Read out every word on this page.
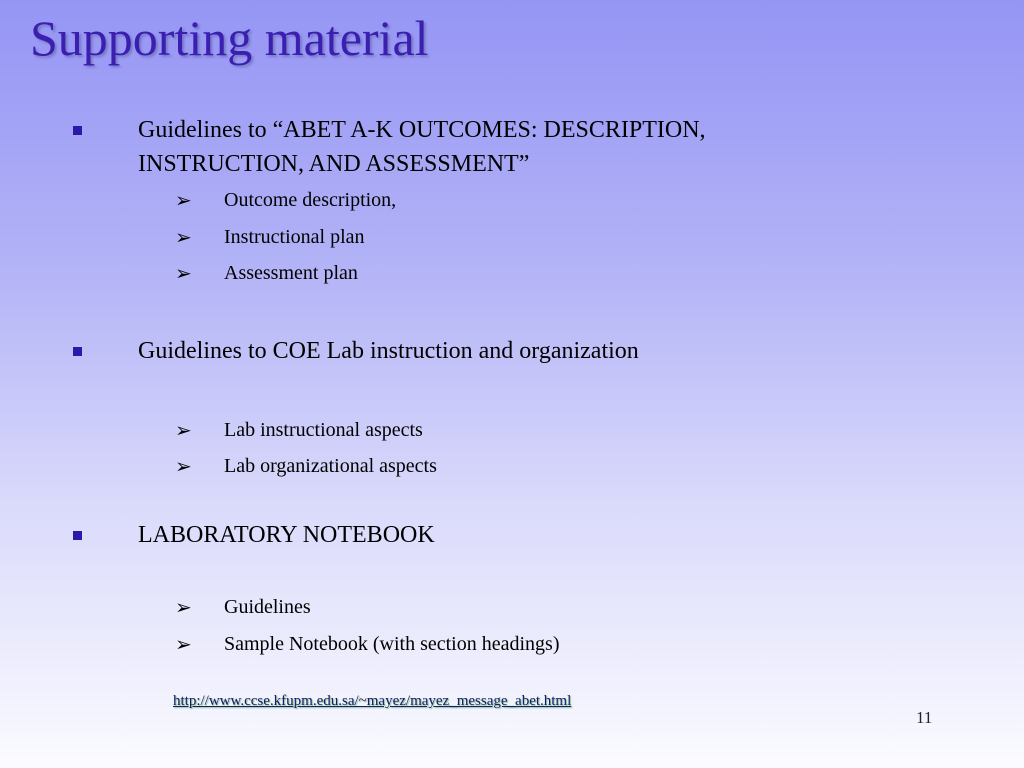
Supporting material
Guidelines to “ABET A-K OUTCOMES: DESCRIPTION, INSTRUCTION, AND ASSESSMENT”
➢ Outcome description,
➢ Instructional plan
➢ Assessment plan
Guidelines to COE Lab instruction and organization
➢ Lab instructional aspects
➢ Lab organizational aspects
LABORATORY NOTEBOOK
➢ Guidelines
➢ Sample Notebook (with section headings)
http://www.ccse.kfupm.edu.sa/~mayez/mayez_message_abet.html
11
